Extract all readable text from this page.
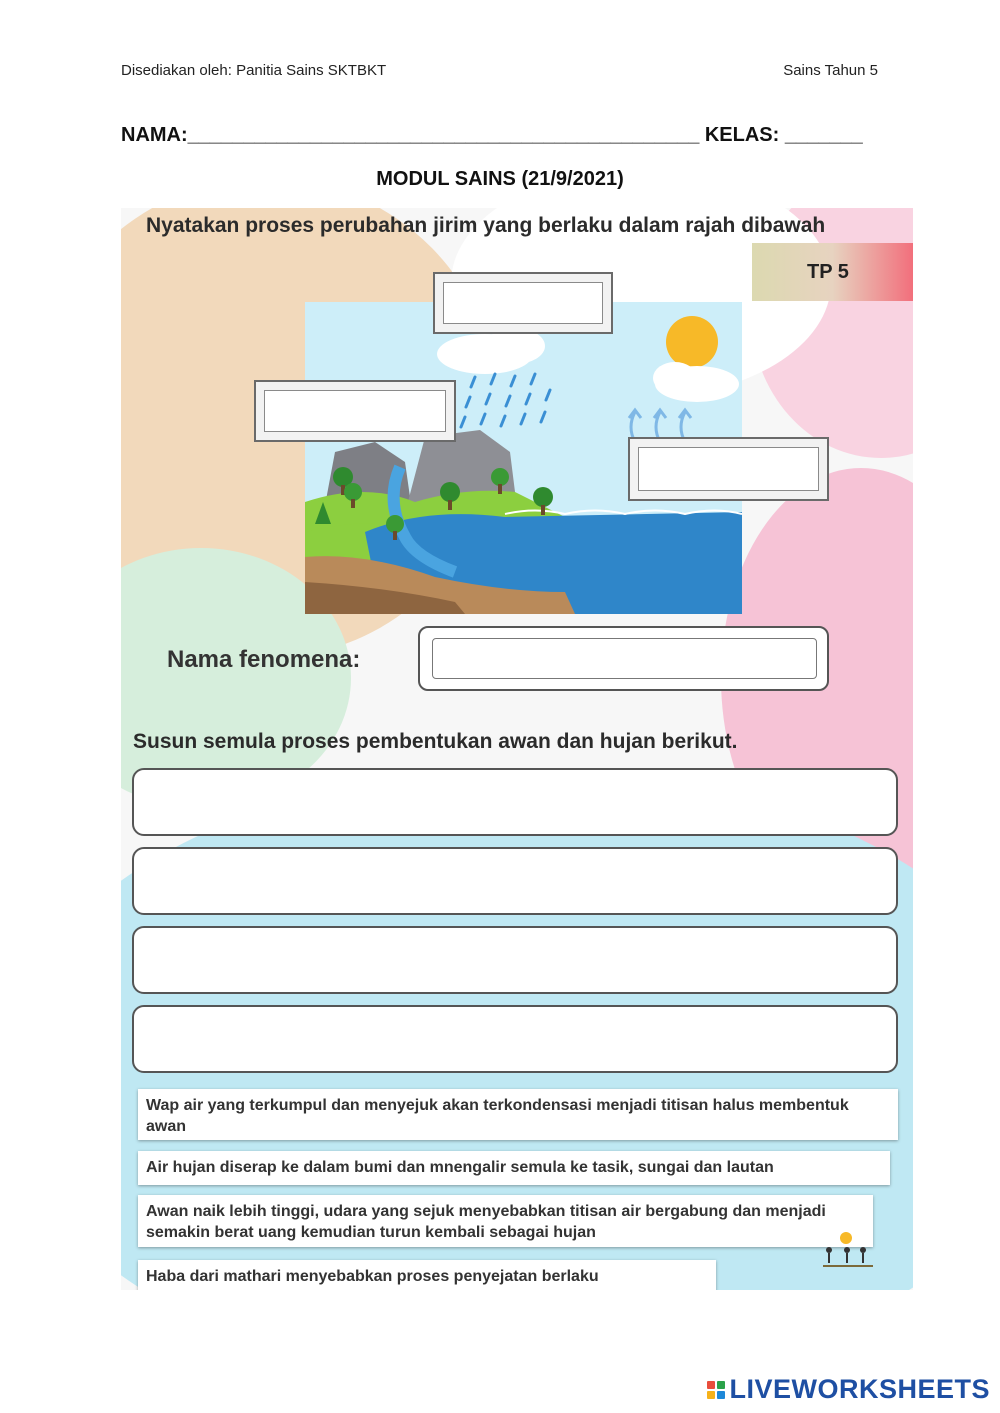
Disediakan oleh: Panitia Sains SKTBKT	Sains Tahun 5
NAMA:______________________________________________ KELAS: _______
MODUL SAINS (21/9/2021)
Nyatakan proses perubahan jirim yang berlaku dalam rajah dibawah
TP 5
Nama fenomena:
Susun semula proses pembentukan awan dan hujan berikut.
Wap air yang terkumpul dan menyejuk akan terkondensasi menjadi titisan halus membentuk awan
Air hujan diserap ke dalam bumi dan mnengalir semula ke tasik, sungai dan lautan
Awan naik lebih tinggi, udara yang sejuk menyebabkan titisan air bergabung dan menjadi semakin berat uang kemudian turun kembali sebagai hujan
Haba dari mathari menyebabkan proses penyejatan berlaku
LIVEWORKSHEETS
